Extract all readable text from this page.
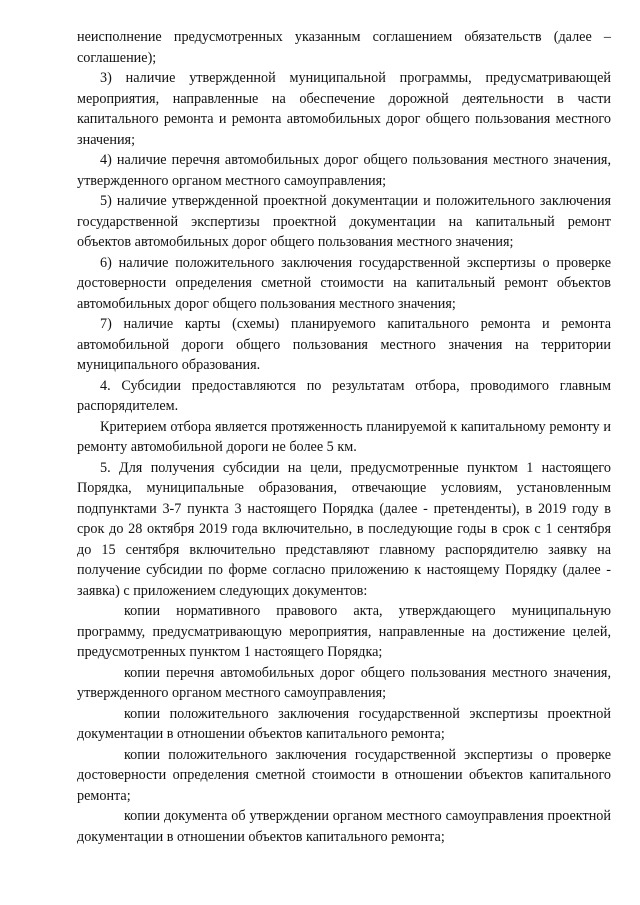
неисполнение предусмотренных указанным соглашением обязательств (далее – соглашение);

3) наличие утвержденной муниципальной программы, предусматривающей мероприятия, направленные на обеспечение дорожной деятельности в части капитального ремонта и ремонта автомобильных дорог общего пользования местного значения;

4) наличие перечня автомобильных дорог общего пользования местного значения, утвержденного органом местного самоуправления;

5) наличие утвержденной проектной документации и положительного заключения государственной экспертизы проектной документации на капитальный ремонт объектов автомобильных дорог общего пользования местного значения;

6) наличие положительного заключения государственной экспертизы о проверке достоверности определения сметной стоимости на капитальный ремонт объектов автомобильных дорог общего пользования местного значения;

7) наличие карты (схемы) планируемого капитального ремонта и ремонта автомобильной дороги общего пользования местного значения на территории муниципального образования.

4. Субсидии предоставляются по результатам отбора, проводимого главным распорядителем.

Критерием отбора является протяженность планируемой к капитальному ремонту и ремонту автомобильной дороги не более 5 км.

5. Для получения субсидии на цели, предусмотренные пунктом 1 настоящего Порядка, муниципальные образования, отвечающие условиям, установленным подпунктами 3-7 пункта 3 настоящего Порядка (далее - претенденты), в 2019 году в срок до 28 октября 2019 года включительно, в последующие годы в срок с 1 сентября до 15 сентября включительно представляют главному распорядителю заявку на получение субсидии по форме согласно приложению к настоящему Порядку (далее - заявка) с приложением следующих документов:

копии нормативного правового акта, утверждающего муниципальную программу, предусматривающую мероприятия, направленные на достижение целей, предусмотренных пунктом 1 настоящего Порядка;

копии перечня автомобильных дорог общего пользования местного значения, утвержденного органом местного самоуправления;

копии положительного заключения государственной экспертизы проектной документации в отношении объектов капитального ремонта;

копии положительного заключения государственной экспертизы о проверке достоверности определения сметной стоимости в отношении объектов капитального ремонта;

копии документа об утверждении органом местного самоуправления проектной документации в отношении объектов капитального ремонта;
